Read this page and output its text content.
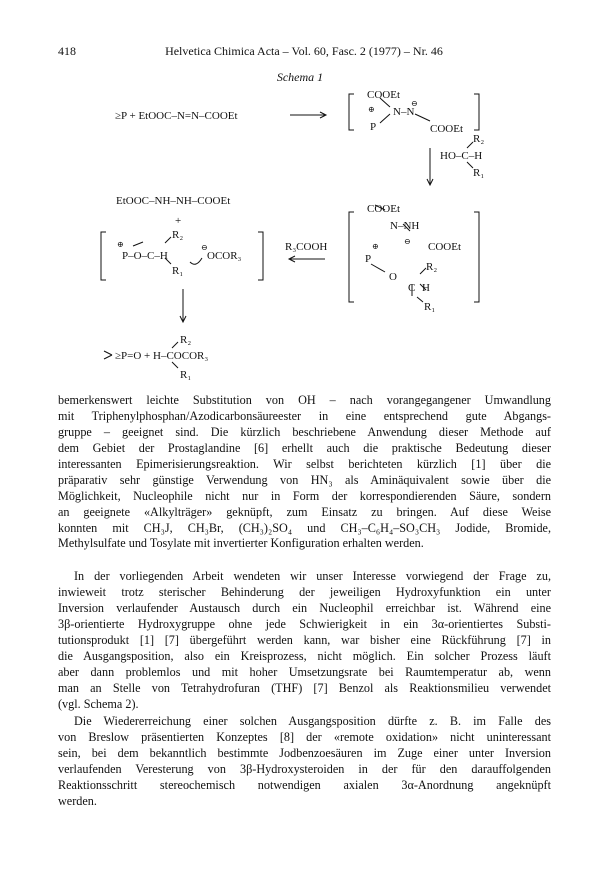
418	Helvetica Chimica Acta – Vol. 60, Fasc. 2 (1977) – Nr. 46
Schema 1
≥P + EtOOC–N=N–COOEt
COOEt
N–N
COOEt
P
R₂
HO–C–H
R₁
EtOOC–NH–NH–COOEt
+
R₂
P–O–C–H	OCOR₃
R₁
R₃COOH
COOEt
N–NH
COOEt
P
O
R₂
C H
R₁
R₂
≥P=O + H–COCOR₃
R₁
⊕
⊖
⊕
⊖
⊕	⊖
bemerkenswert leichte Substitution von OH – nach vorangegangener Umwandlung
mit Triphenylphosphan/Azodicarbonsäureester in eine entsprechend gute Abgangs-
gruppe – geeignet sind. Die kürzlich beschriebene Anwendung dieser Methode auf
dem Gebiet der Prostaglandine [6] erhellt auch die praktische Bedeutung dieser
interessanten Epimerisierungsreaktion. Wir selbst berichteten kürzlich [1] über die
präparativ sehr günstige Verwendung von HN₃ als Aminäquivalent sowie über die
Möglichkeit, Nucleophile nicht nur in Form der korrespondierenden Säure, sondern
an geeignete «Alkylträger» geknüpft, zum Einsatz zu bringen. Auf diese Weise
konnten mit CH₃J, CH₃Br, (CH₃)₂SO₄ und CH₃–C₆H₄–SO₃CH₃ Jodide, Bromide,
Methylsulfate und Tosylate mit invertierter Konfiguration erhalten werden.
In der vorliegenden Arbeit wendeten wir unser Interesse vorwiegend der Frage zu,
inwieweit trotz sterischer Behinderung der jeweiligen Hydroxyfunktion ein unter
Inversion verlaufender Austausch durch ein Nucleophil erreichbar ist. Während eine
3β-orientierte Hydroxygruppe ohne jede Schwierigkeit in ein 3α-orientiertes Substi-
tutionsprodukt [1] [7] übergeführt werden kann, war bisher eine Rückführung [7] in
die Ausgangsposition, also ein Kreisprozess, nicht möglich. Ein solcher Prozess läuft
aber dann problemlos und mit hoher Umsetzungsrate bei Raumtemperatur ab, wenn
man an Stelle von Tetrahydrofuran (THF) [7] Benzol als Reaktionsmilieu verwendet
(vgl. Schema 2).
Die Wiedererreichung einer solchen Ausgangsposition dürfte z. B. im Falle des
von Breslow präsentierten Konzeptes [8] der «remote oxidation» nicht uninteressant
sein, bei dem bekanntlich bestimmte Jodbenzoesäuren im Zuge einer unter Inversion
verlaufenden Veresterung von 3β-Hydroxysteroiden in der für den darauffolgenden
Reaktionsschritt stereochemisch notwendigen axialen 3α-Anordnung angeknüpft
werden.
